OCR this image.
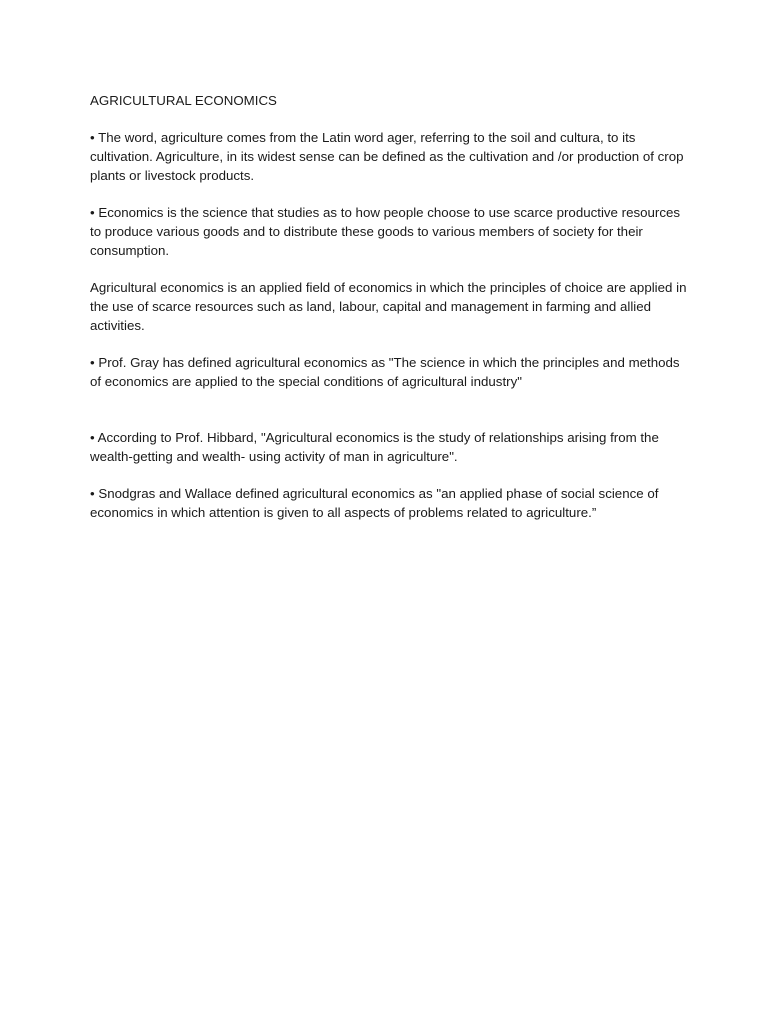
AGRICULTURAL ECONOMICS

• The word, agriculture comes from the Latin word ager, referring to the soil and cultura, to its cultivation. Agriculture, in its widest sense can be defined as the cultivation and /or production of crop plants or livestock products.

• Economics is the science that studies as to how people choose to use scarce productive resources to produce various goods and to distribute these goods to various members of society for their consumption.

Agricultural economics is an applied field of economics in which the principles of choice are applied in the use of scarce resources such as land, labour, capital and management in farming and allied activities.

• Prof. Gray has defined agricultural economics as "The science in which the principles and methods of economics are applied to the special conditions of agricultural industry"

• According to Prof. Hibbard, "Agricultural economics is the study of relationships arising from the wealth-getting and wealth- using activity of man in agriculture".

• Snodgras and Wallace defined agricultural economics as "an applied phase of social science of economics in which attention is given to all aspects of problems related to agriculture.”
